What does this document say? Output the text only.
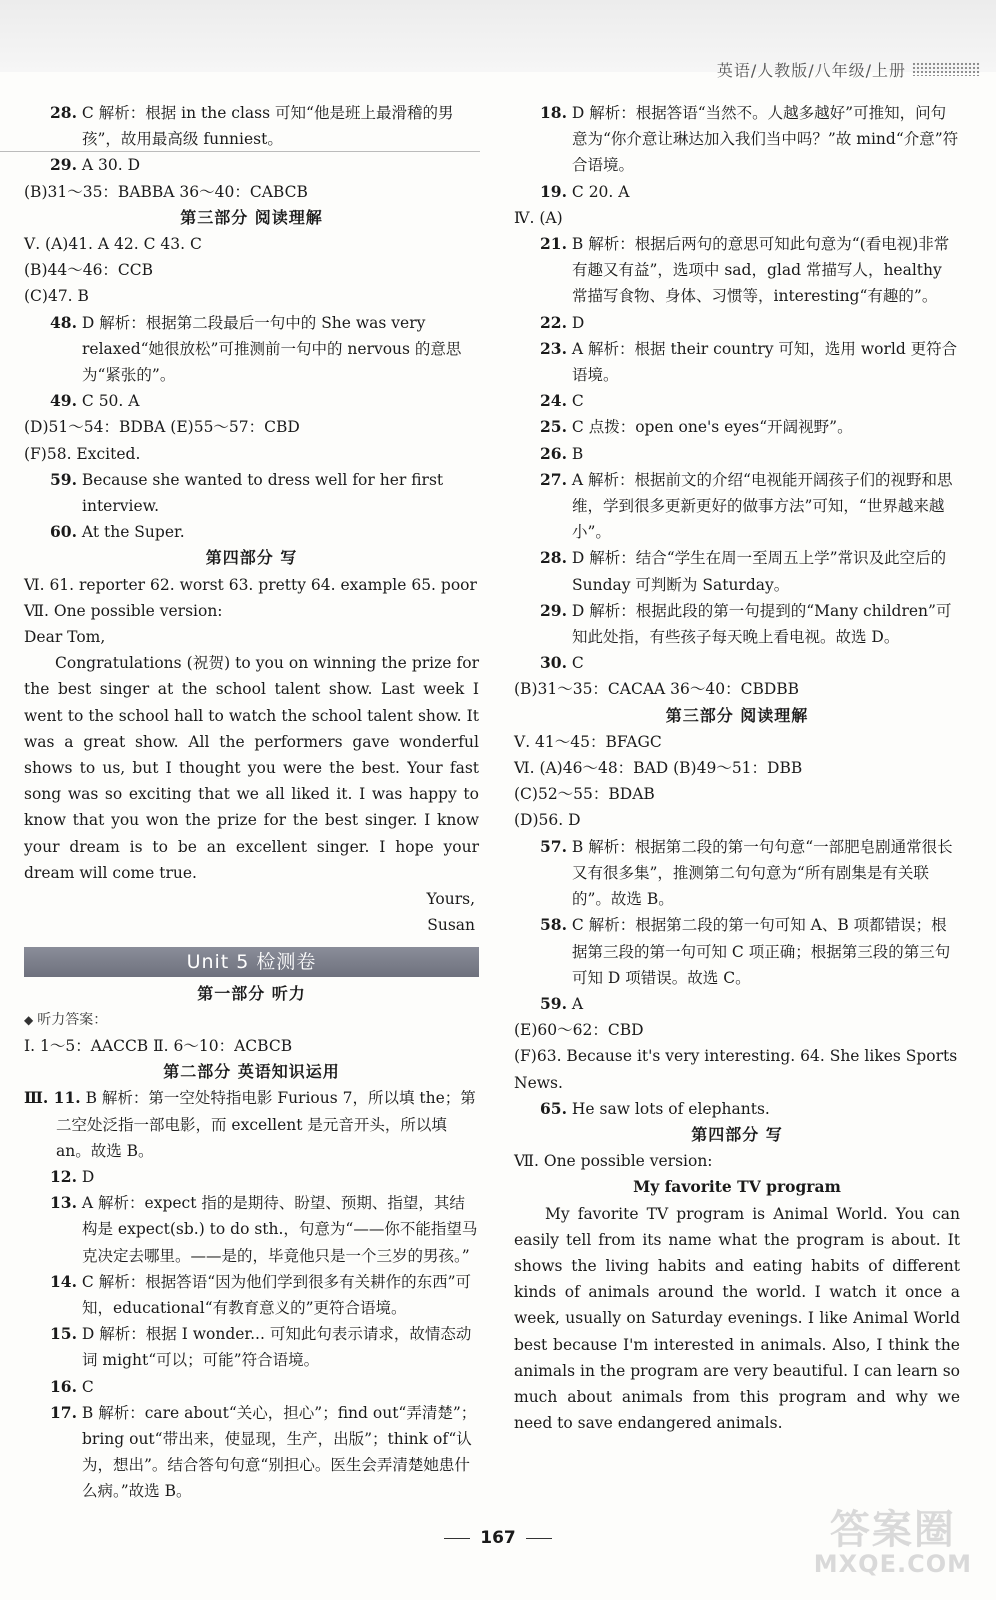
英语/人教版/八年级/上册
28. C 解析：根据 in the class 可知“他是班上最滑稽的男孩”，故用最高级 funniest。
29. A 30. D
(B)31～35：BABBA 36～40：CABCB
第三部分 阅读理解
Ⅴ. (A)41. A 42. C 43. C
(B)44～46：CCB
(C)47. B
48. D 解析：根据第二段最后一句中的 She was very relaxed“她很放松”可推测前一句中的 nervous 的意思为“紧张的”。
49. C 50. A
(D)51～54：BDBA (E)55～57：CBD
(F)58. Excited.
59. Because she wanted to dress well for her first interview.
60. At the Super.
第四部分 写
Ⅵ. 61. reporter 62. worst 63. pretty 64. example 65. poor
Ⅶ. One possible version:
Dear Tom,
Congratulations (祝贺) to you on winning the prize for the best singer at the school talent show. Last week I went to the school hall to watch the school talent show. It was a great show. All the performers gave wonderful shows to us, but I thought you were the best. Your fast song was so exciting that we all liked it. I was happy to know that you won the prize for the best singer. I know your dream is to be an excellent singer. I hope your dream will come true.
Yours,
Susan
Unit 5 检测卷
第一部分 听力
◆ 听力答案：
Ⅰ. 1～5：AACCB Ⅱ. 6～10：ACBCB
第二部分 英语知识运用
Ⅲ. 11. B 解析：第一空处特指电影 Furious 7，所以填 the；第二空处泛指一部电影，而 excellent 是元音开头，所以填 an。故选 B。
12. D
13. A 解析：expect 指的是期待、盼望、预期、指望，其结构是 expect(sb.) to do sth.，句意为“——你不能指望马克决定去哪里。——是的，毕竟他只是一个三岁的男孩。”
14. C 解析：根据答语“因为他们学到很多有关耕作的东西”可知，educational“有教育意义的”更符合语境。
15. D 解析：根据 I wonder... 可知此句表示请求，故情态动词 might“可以；可能”符合语境。
16. C
17. B 解析：care about“关心，担心”；find out“弄清楚”；bring out“带出来，使显现，生产，出版”；think of“认为，想出”。结合答句句意“别担心。医生会弄清楚她患什么病。”故选 B。
18. D 解析：根据答语“当然不。人越多越好”可推知，问句意为“你介意让琳达加入我们当中吗？”故 mind“介意”符合语境。
19. C 20. A
Ⅳ. (A)
21. B 解析：根据后两句的意思可知此句意为“(看电视)非常有趣又有益”，选项中 sad，glad 常描写人，healthy 常描写食物、身体、习惯等，interesting“有趣的”。
22. D
23. A 解析：根据 their country 可知，选用 world 更符合语境。
24. C
25. C 点拨：open one's eyes“开阔视野”。
26. B
27. A 解析：根据前文的介绍“电视能开阔孩子们的视野和思维，学到很多更新更好的做事方法”可知，“世界越来越小”。
28. D 解析：结合“学生在周一至周五上学”常识及此空后的 Sunday 可判断为 Saturday。
29. D 解析：根据此段的第一句提到的“Many children”可知此处指，有些孩子每天晚上看电视。故选 D。
30. C
(B)31～35：CACAA 36～40：CBDBB
第三部分 阅读理解
Ⅴ. 41～45：BFAGC
Ⅵ. (A)46～48：BAD (B)49～51：DBB
(C)52～55：BDAB
(D)56. D
57. B 解析：根据第二段的第一句句意“一部肥皂剧通常很长又有很多集”，推测第二句句意为“所有剧集是有关联的”。故选 B。
58. C 解析：根据第二段的第一句可知 A、B 项都错误；根据第三段的第一句可知 C 项正确；根据第三段的第三句可知 D 项错误。故选 C。
59. A
(E)60～62：CBD
(F)63. Because it's very interesting. 64. She likes Sports News.
65. He saw lots of elephants.
第四部分 写
Ⅶ. One possible version:
My favorite TV program
My favorite TV program is Animal World. You can easily tell from its name what the program is about. It shows the living habits and eating habits of different kinds of animals around the world. I watch it once a week, usually on Saturday evenings. I like Animal World best because I'm interested in animals. Also, I think the animals in the program are very beautiful. I can learn so much about animals from this program and why we need to save endangered animals.
167	答案圈
MXQE.COM
